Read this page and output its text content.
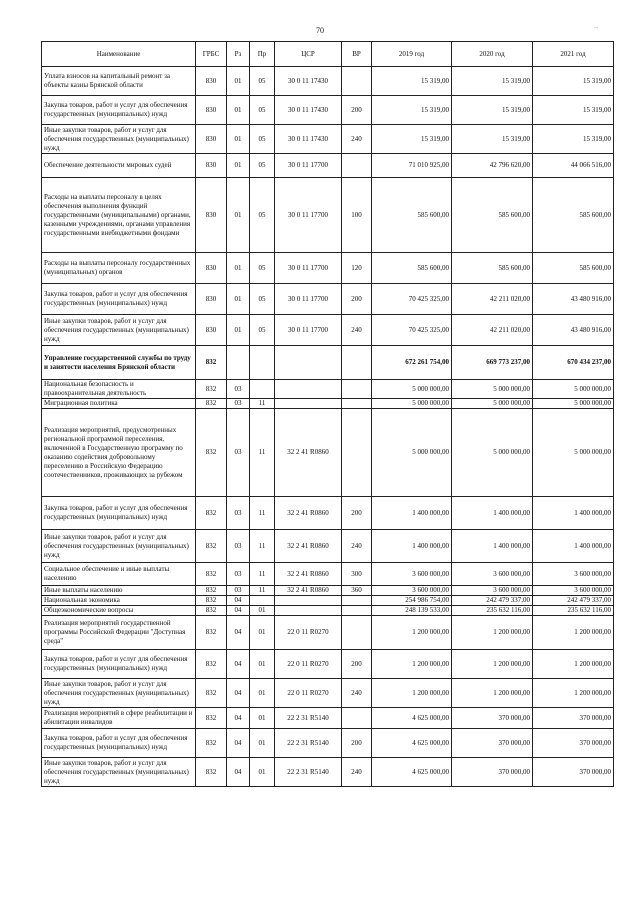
70	...
Наименование	ГРБС	Рз	Пр	ЦСР	ВР	2019 год	2020 год	2021 год
Уплата взносов на капитальный ремонт за объекты казны Брянской области	830	01	05	30 0 11 17430		15 319,00	15 319,00	15 319,00
Закупка товаров, работ и услуг для обеспечения государственных (муниципальных) нужд	830	01	05	30 0 11 17430	200	15 319,00	15 319,00	15 319,00
Иные закупки товаров, работ и услуг для обеспечения государственных (муниципальных) нужд	830	01	05	30 0 11 17430	240	15 319,00	15 319,00	15 319,00
Обеспечение деятельности мировых судей	830	01	05	30 0 11 17700		71 010 925,00	42 796 620,00	44 066 516,00
Расходы на выплаты персоналу в целях обеспечения выполнения функций государственными (муниципальными) органами, казенными учреждениями, органами управления государственными внебюджетными фондами	830	01	05	30 0 11 17700	100	585 600,00	585 600,00	585 600,00
Расходы на выплаты персоналу государственных (муниципальных) органов	830	01	05	30 0 11 17700	120	585 600,00	585 600,00	585 600,00
Закупка товаров, работ и услуг для обеспечения государственных (муниципальных) нужд	830	01	05	30 0 11 17700	200	70 425 325,00	42 211 020,00	43 480 916,00
Иные закупки товаров, работ и услуг для обеспечения государственных (муниципальных) нужд	830	01	05	30 0 11 17700	240	70 425 325,00	42 211 020,00	43 480 916,00
Управление государственной службы по труду и занятости населения Брянской области	832					672 261 754,00	669 773 237,00	670 434 237,00
Национальная безопасность и правоохранительная деятельность	832	03				5 000 000,00	5 000 000,00	5 000 000,00
Миграционная политика	832	03	11			5 000 000,00	5 000 000,00	5 000 000,00
Реализация мероприятий, предусмотренных региональной программой переселения, включенной в Государственную программу по оказанию содействия добровольному переселению в Российскую Федерацию соотечественников, проживающих за рубежом	832	03	11	32 2 41 R0860		5 000 000,00	5 000 000,00	5 000 000,00
Закупка товаров, работ и услуг для обеспечения государственных (муниципальных) нужд	832	03	11	32 2 41 R0860	200	1 400 000,00	1 400 000,00	1 400 000,00
Иные закупки товаров, работ и услуг для обеспечения государственных (муниципальных) нужд	832	03	11	32 2 41 R0860	240	1 400 000,00	1 400 000,00	1 400 000,00
Социальное обеспечение и иные выплаты населению	832	03	11	32 2 41 R0860	300	3 600 000,00	3 600 000,00	3 600 000,00
Иные выплаты населению	832	03	11	32 2 41 R0860	360	3 600 000,00	3 600 000,00	3 600 000,00
Национальная экономика	832	04				254 986 754,00	242 479 337,00	242 479 337,00
Общеэкономические вопросы	832	04	01			248 139 533,00	235 632 116,00	235 632 116,00
Реализация мероприятий государственной программы Российской Федерации "Доступная среда"	832	04	01	22 0 11 R0270		1 200 000,00	1 200 000,00	1 200 000,00
Закупка товаров, работ и услуг для обеспечения государственных (муниципальных) нужд	832	04	01	22 0 11 R0270	200	1 200 000,00	1 200 000,00	1 200 000,00
Иные закупки товаров, работ и услуг для обеспечения государственных (муниципальных) нужд	832	04	01	22 0 11 R0270	240	1 200 000,00	1 200 000,00	1 200 000,00
Реализация мероприятий в сфере реабилитации и абилитации инвалидов	832	04	01	22 2 31 R5140		4 625 000,00	370 000,00	370 000,00
Закупка товаров, работ и услуг для обеспечения государственных (муниципальных) нужд	832	04	01	22 2 31 R5140	200	4 625 000,00	370 000,00	370 000,00
Иные закупки товаров, работ и услуг для обеспечения государственных (муниципальных) нужд	832	04	01	22 2 31 R5140	240	4 625 000,00	370 000,00	370 000,00
